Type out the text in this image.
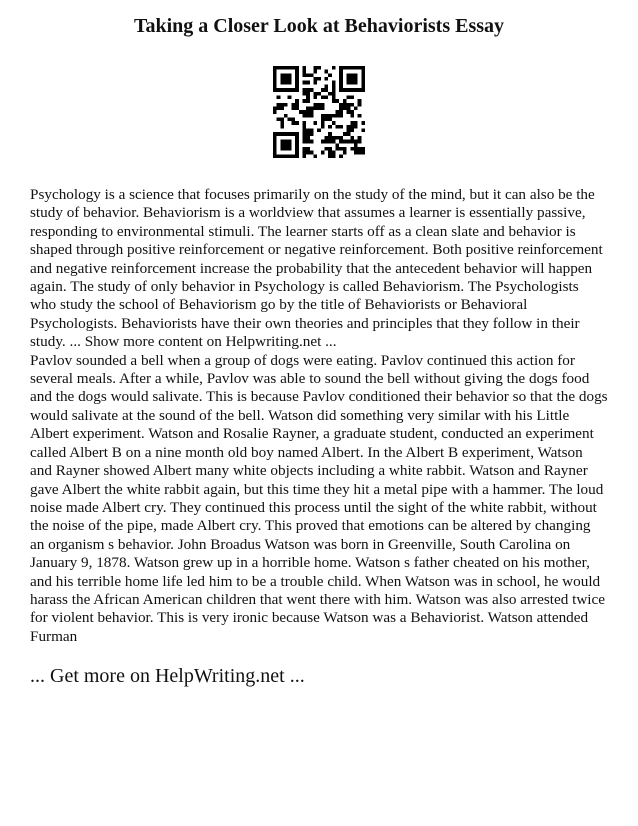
Taking a Closer Look at Behaviorists Essay

Psychology is a science that focuses primarily on the study of the mind, but it can also be the study of behavior. Behaviorism is a worldview that assumes a learner is essentially passive, responding to environmental stimuli. The learner starts off as a clean slate and behavior is shaped through positive reinforcement or negative reinforcement. Both positive reinforcement and negative reinforcement increase the probability that the antecedent behavior will happen again. The study of only behavior in Psychology is called Behaviorism. The Psychologists who study the school of Behaviorism go by the title of Behaviorists or Behavioral Psychologists. Behaviorists have their own theories and principles that they follow in their study. ... Show more content on Helpwriting.net ...

Pavlov sounded a bell when a group of dogs were eating. Pavlov continued this action for several meals. After a while, Pavlov was able to sound the bell without giving the dogs food and the dogs would salivate. This is because Pavlov conditioned their behavior so that the dogs would salivate at the sound of the bell. Watson did something very similar with his Little Albert experiment. Watson and Rosalie Rayner, a graduate student, conducted an experiment called Albert B on a nine month old boy named Albert. In the Albert B experiment, Watson and Rayner showed Albert many white objects including a white rabbit. Watson and Rayner gave Albert the white rabbit again, but this time they hit a metal pipe with a hammer. The loud noise made Albert cry. They continued this process until the sight of the white rabbit, without the noise of the pipe, made Albert cry. This proved that emotions can be altered by changing an organism s behavior. John Broadus Watson was born in Greenville, South Carolina on January 9, 1878. Watson grew up in a horrible home. Watson s father cheated on his mother, and his terrible home life led him to be a trouble child. When Watson was in school, he would harass the African American children that went there with him. Watson was also arrested twice for violent behavior. This is very ironic because Watson was a Behaviorist. Watson attended Furman

... Get more on HelpWriting.net ...
